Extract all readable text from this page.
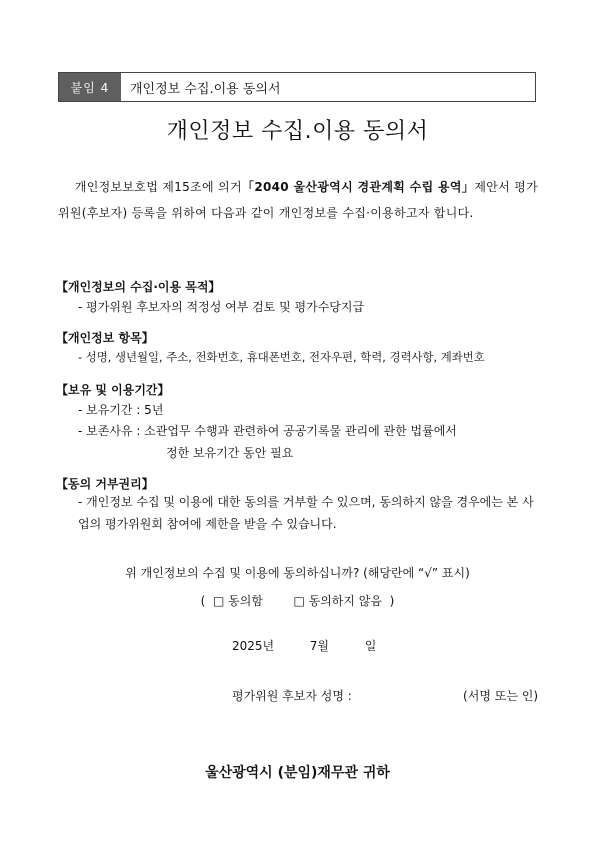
붙임 4	개인정보 수집.이용 동의서
개인정보 수집.이용 동의서
개인정보보호법 제15조에 의거「2040 울산광역시 경관계획 수립 용역」제안서 평가위원(후보자) 등록을 위하여 다음과 같이 개인정보를 수집·이용하고자 합니다.
【개인정보의 수집·이용 목적】
- 평가위원 후보자의 적정성 여부 검토 및 평가수당지급
【개인정보 항목】
- 성명, 생년월일, 주소, 전화번호, 휴대폰번호, 전자우편, 학력, 경력사항, 계좌번호
【보유 및 이용기간】
- 보유기간 : 5년
- 보존사유 : 소관업무 수행과 관련하여 공공기록물 관리에 관한 법률에서
정한 보유기간 동안 필요
【동의 거부권리】
- 개인정보 수집 및 이용에 대한 동의를 거부할 수 있으며, 동의하지 않을 경우에는 본 사업의 평가위원회 참여에 제한을 받을 수 있습니다.
위 개인정보의 수집 및 이용에 동의하십니까? (해당란에 “√” 표시)
( □ 동의함	□ 동의하지 않음 )
2025년	7월	일
평가위원 후보자 성명 :	(서명 또는 인)
울산광역시 (분임)재무관 귀하
